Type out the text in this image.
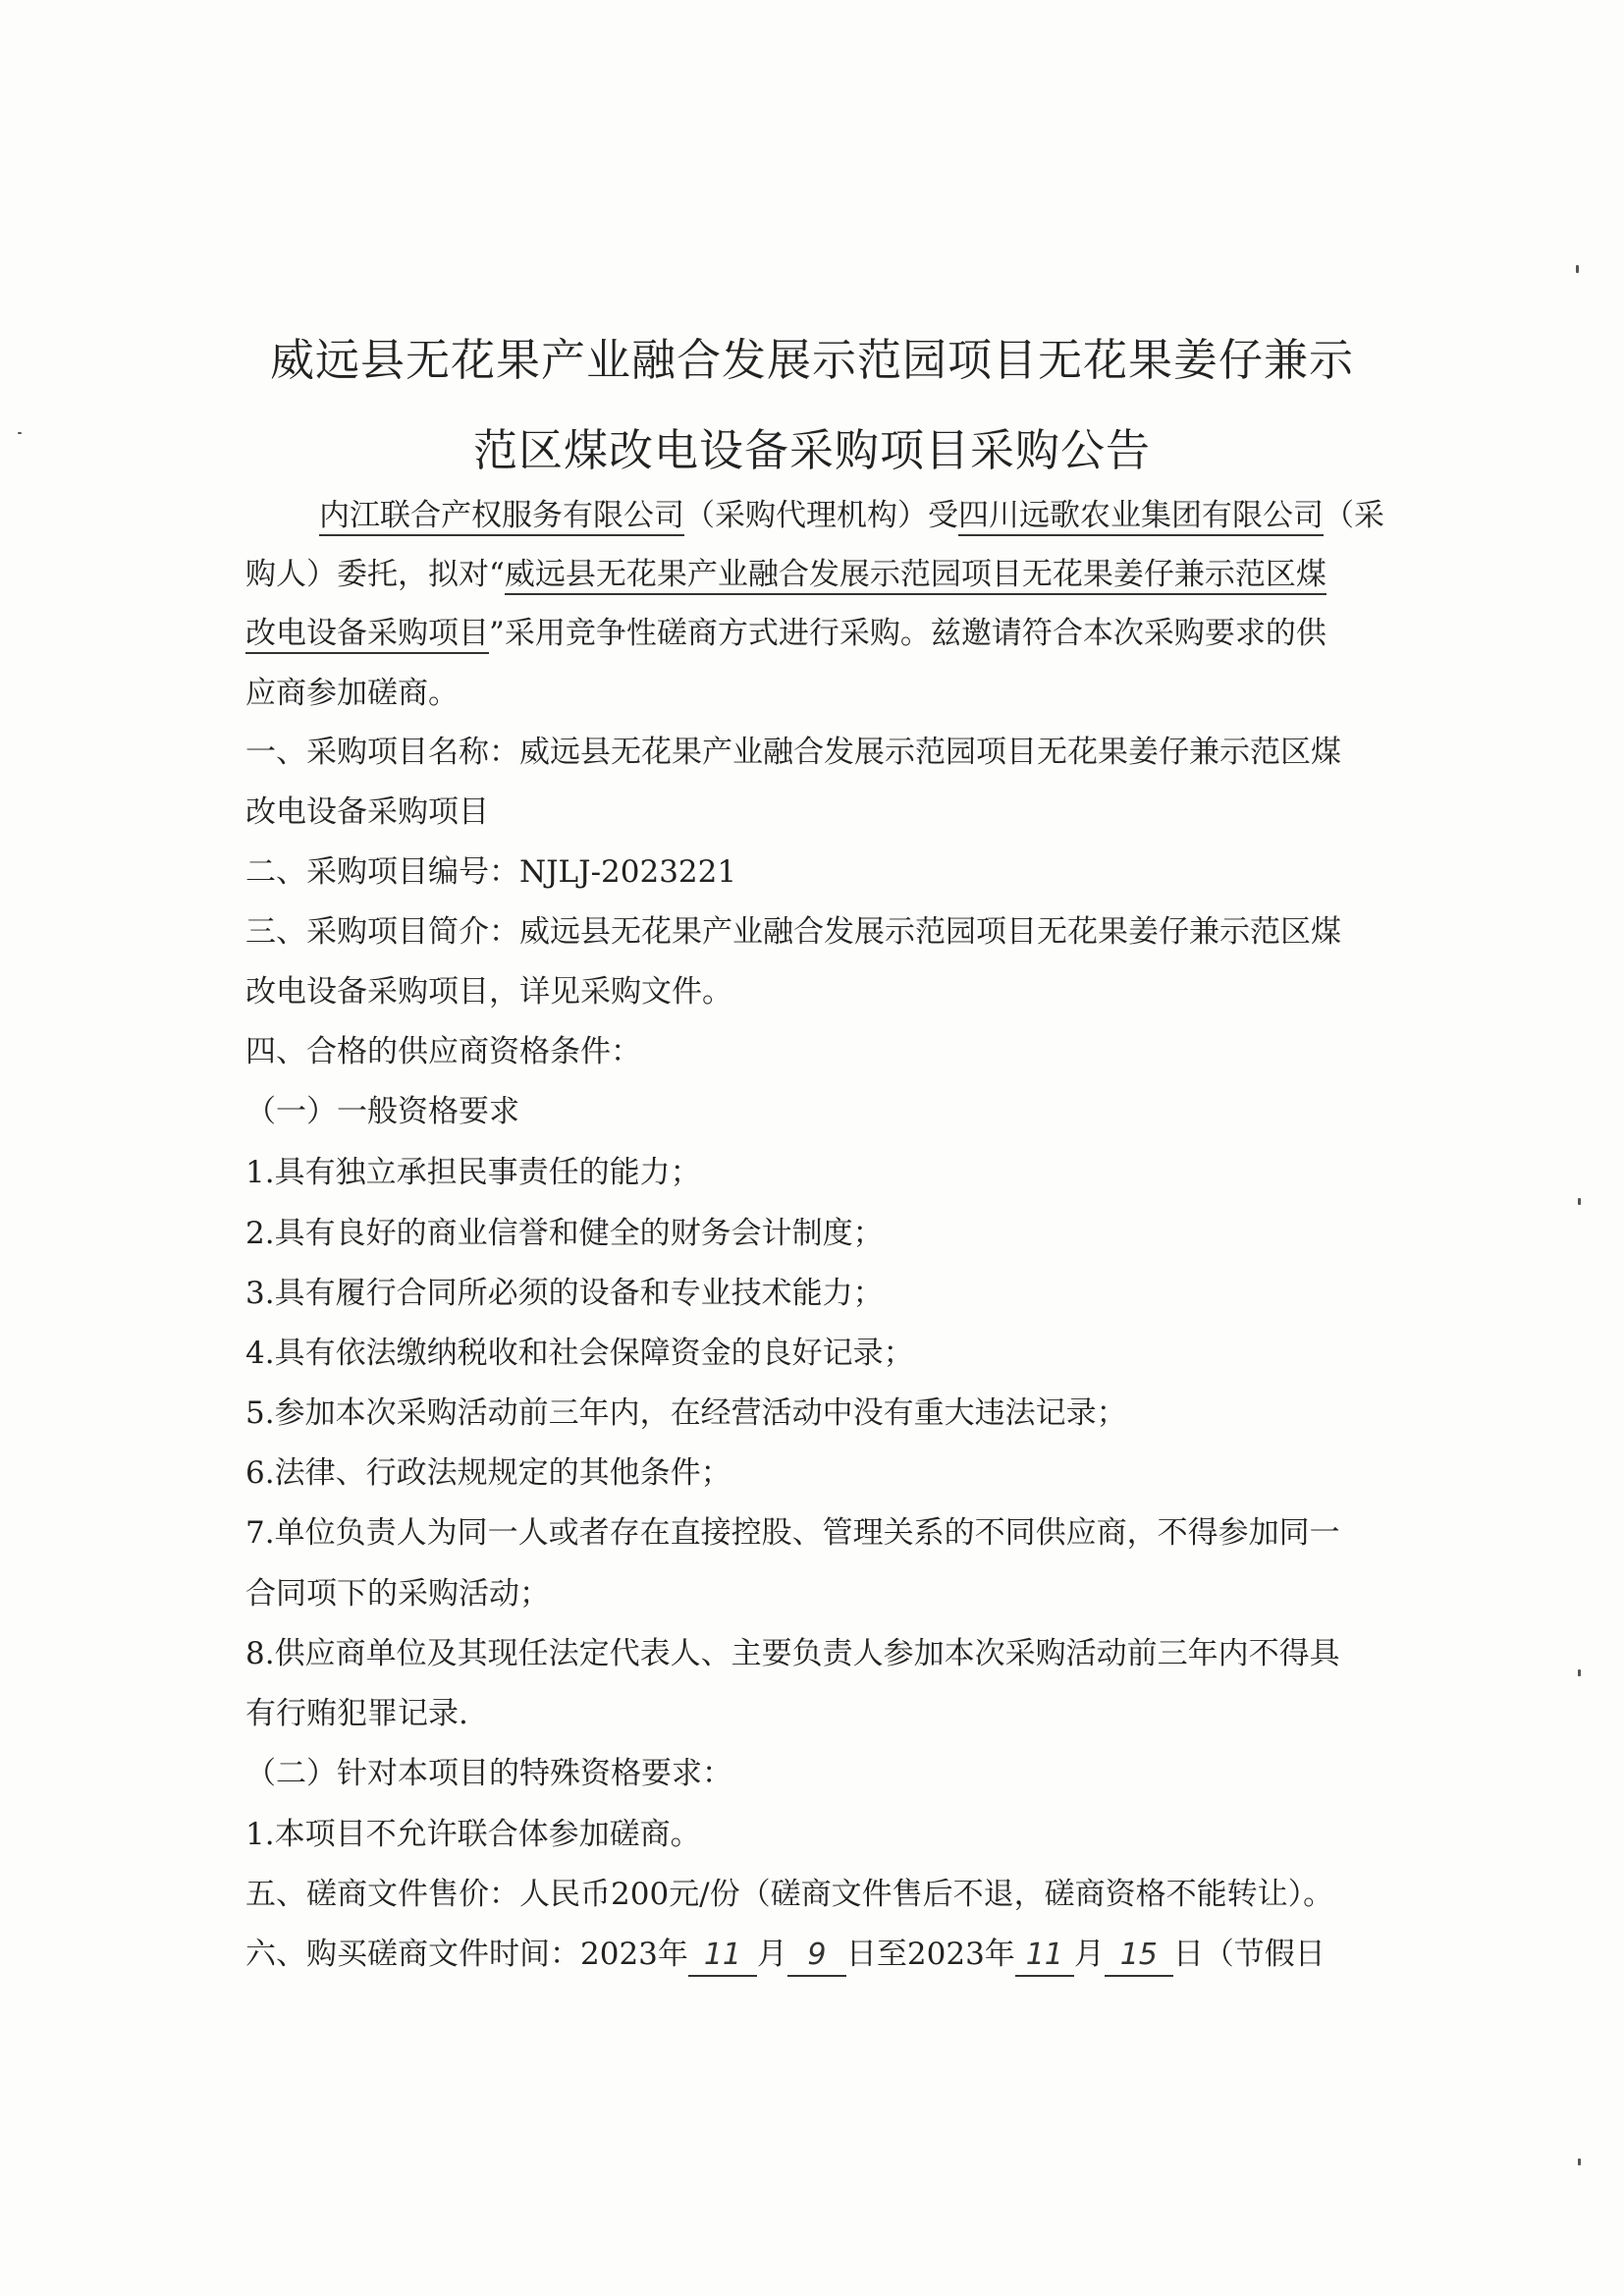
威远县无花果产业融合发展示范园项目无花果姜仔兼示
范区煤改电设备采购项目采购公告
内江联合产权服务有限公司（采购代理机构）受四川远歌农业集团有限公司（采
购人）委托，拟对“威远县无花果产业融合发展示范园项目无花果姜仔兼示范区煤
改电设备采购项目”采用竞争性磋商方式进行采购。兹邀请符合本次采购要求的供
应商参加磋商。
一、采购项目名称：威远县无花果产业融合发展示范园项目无花果姜仔兼示范区煤
改电设备采购项目
二、采购项目编号：NJLJ-2023221
三、采购项目简介：威远县无花果产业融合发展示范园项目无花果姜仔兼示范区煤
改电设备采购项目，详见采购文件。
四、合格的供应商资格条件：
（一）一般资格要求
1.具有独立承担民事责任的能力；
2.具有良好的商业信誉和健全的财务会计制度；
3.具有履行合同所必须的设备和专业技术能力；
4.具有依法缴纳税收和社会保障资金的良好记录；
5.参加本次采购活动前三年内，在经营活动中没有重大违法记录；
6.法律、行政法规规定的其他条件；
7.单位负责人为同一人或者存在直接控股、管理关系的不同供应商，不得参加同一
合同项下的采购活动；
8.供应商单位及其现任法定代表人、主要负责人参加本次采购活动前三年内不得具
有行贿犯罪记录.
（二）针对本项目的特殊资格要求：
1.本项目不允许联合体参加磋商。
五、磋商文件售价：人民币200元/份（磋商文件售后不退，磋商资格不能转让）。
六、购买磋商文件时间：2023年 11 月 9 日至2023年 11 月 15 日（节假日
